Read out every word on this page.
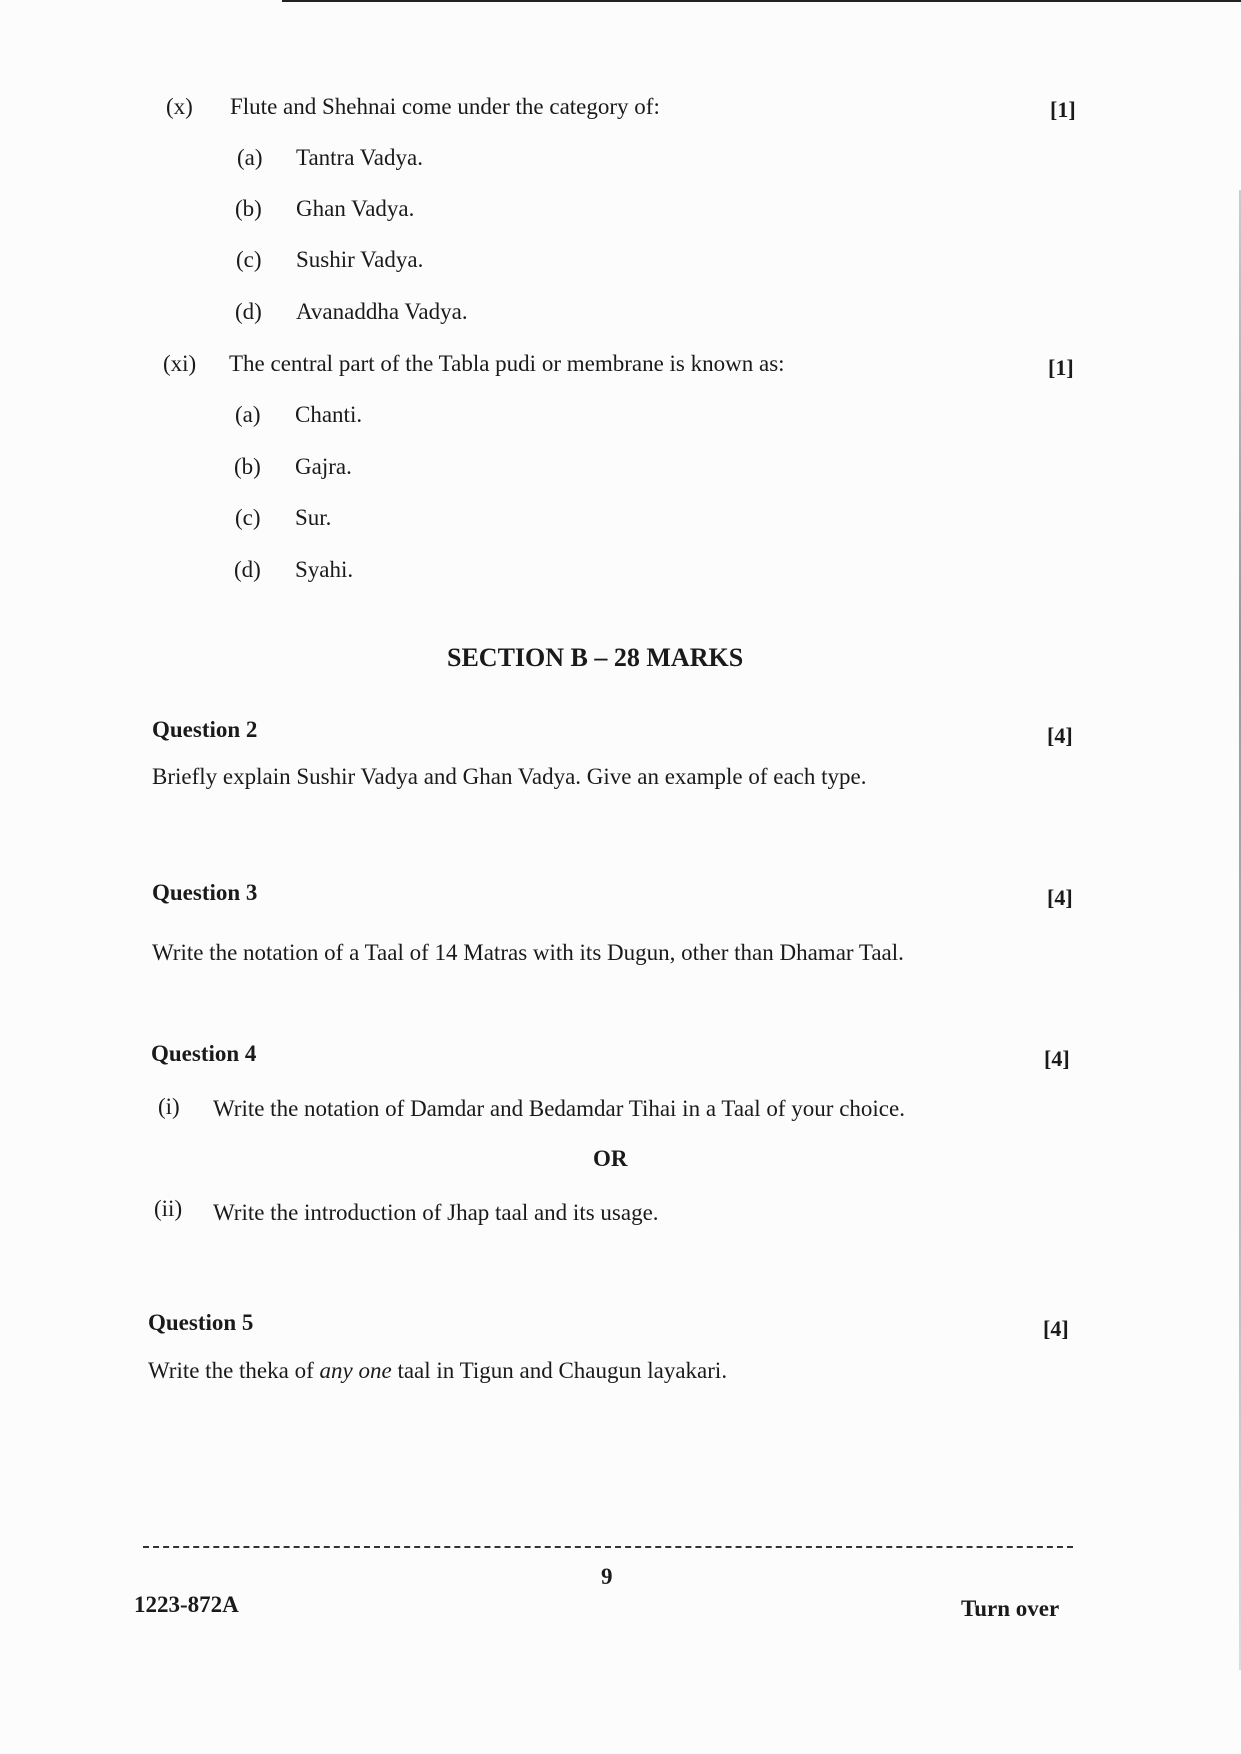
(x) Flute and Shehnai come under the category of:	[1]
(a) Tantra Vadya.
(b) Ghan Vadya.
(c) Sushir Vadya.
(d) Avanaddha Vadya.
(xi) The central part of the Tabla pudi or membrane is known as:	[1]
(a) Chanti.
(b) Gajra.
(c) Sur.
(d) Syahi.
SECTION B – 28 MARKS
Question 2	[4]
Briefly explain Sushir Vadya and Ghan Vadya. Give an example of each type.
Question 3	[4]
Write the notation of a Taal of 14 Matras with its Dugun, other than Dhamar Taal.
Question 4	[4]
(i) Write the notation of Damdar and Bedamdar Tihai in a Taal of your choice.
OR
(ii) Write the introduction of Jhap taal and its usage.
Question 5	[4]
Write the theka of any one taal in Tigun and Chaugun layakari.
9
1223-872A	Turn over
